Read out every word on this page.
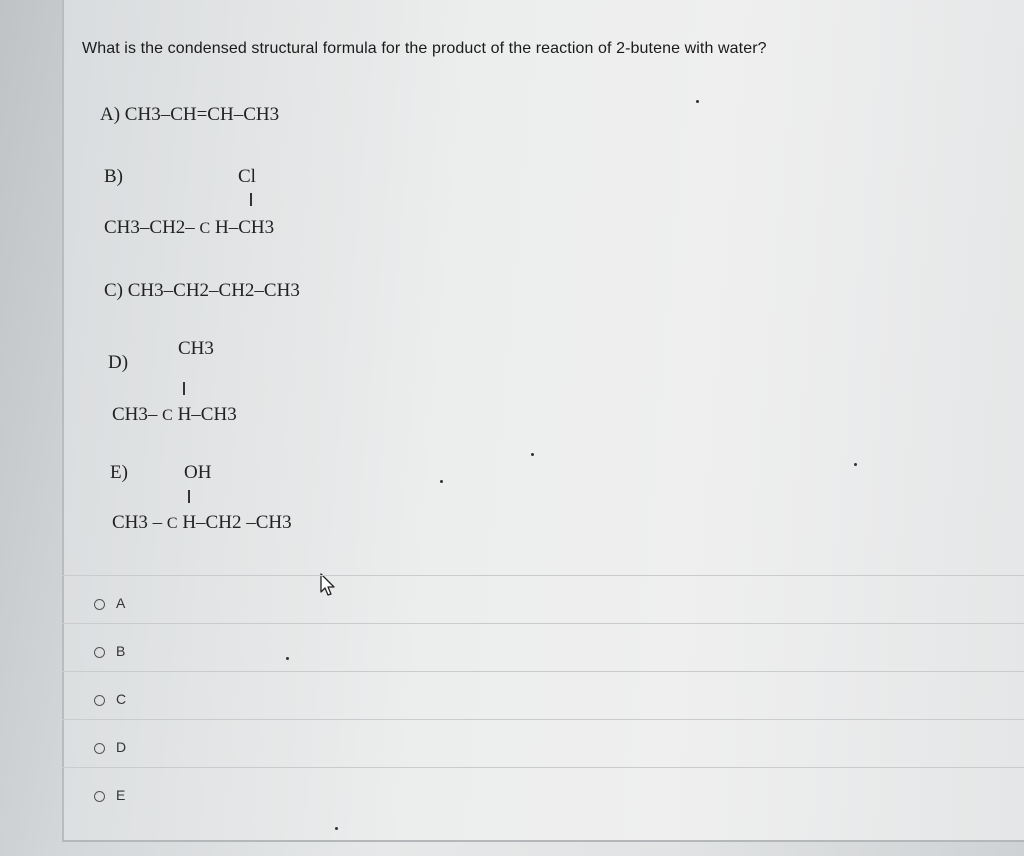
What is the condensed structural formula for the product of the reaction of 2-butene with water?
A) CH3–CH=CH–CH3
B)	Cl
CH3–CH2– C H–CH3
C) CH3–CH2–CH2–CH3
D)
CH3
CH3– C H–CH3
E)	OH
CH3 – C H–CH2 –CH3
A
B
C
D
E
